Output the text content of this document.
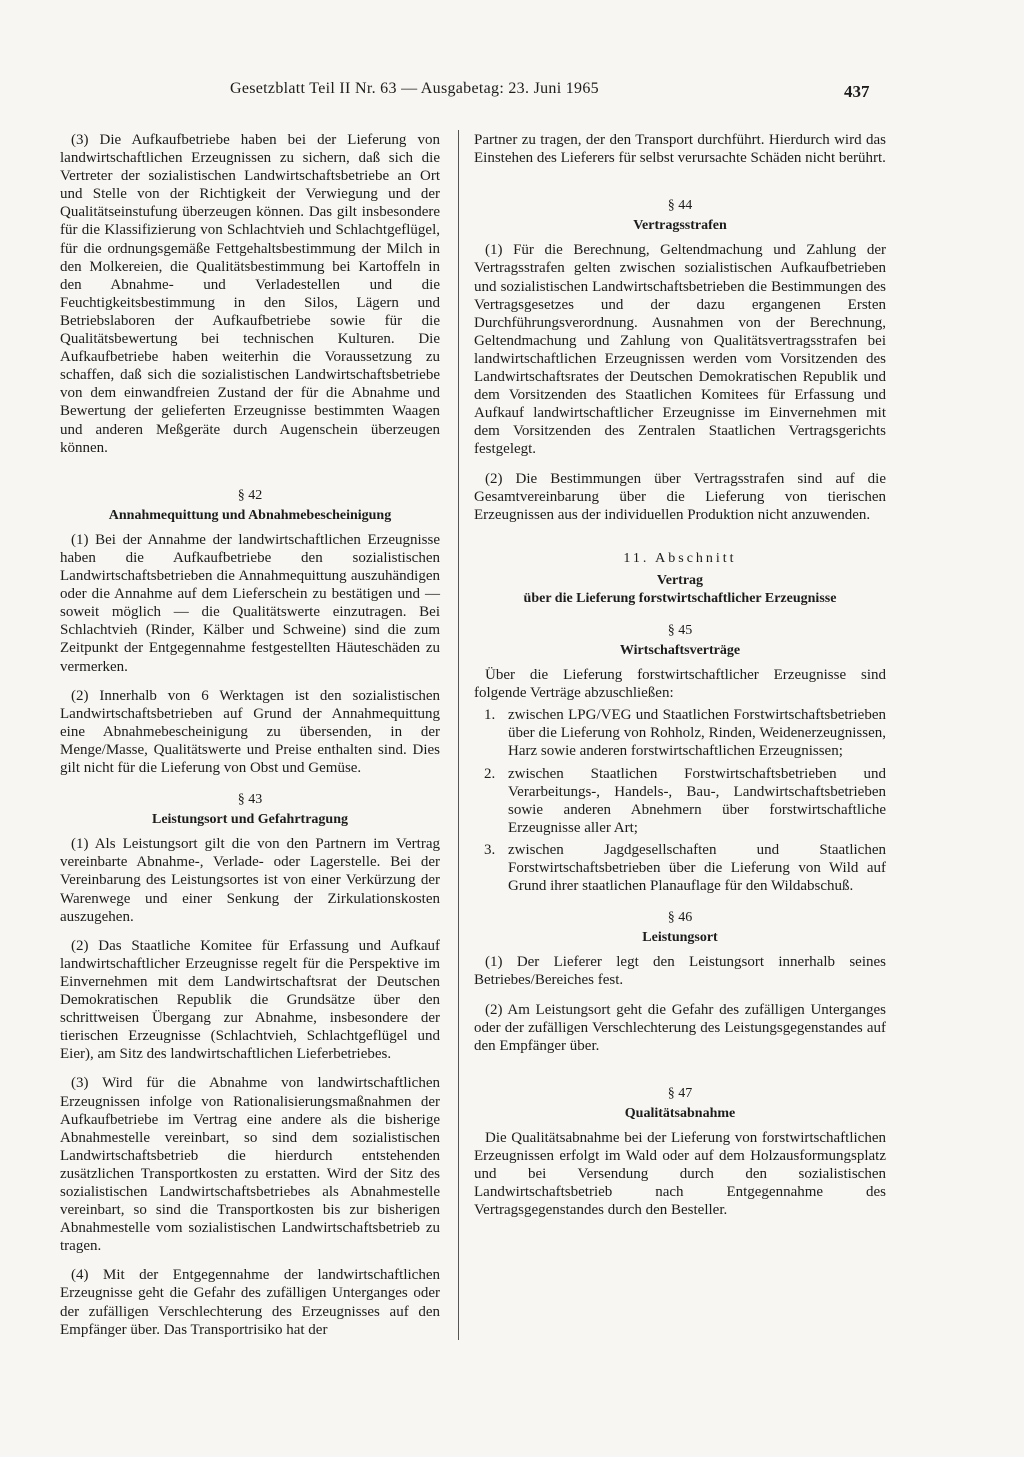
Gesetzblatt Teil II Nr. 63 — Ausgabetag: 23. Juni 1965	437

(3) Die Aufkaufbetriebe haben bei der Lieferung von landwirtschaftlichen Erzeugnissen zu sichern, daß sich die Vertreter der sozialistischen Landwirtschaftsbetriebe an Ort und Stelle von der Richtigkeit der Verwiegung und der Qualitätseinstufung überzeugen können. Das gilt insbesondere für die Klassifizierung von Schlachtvieh und Schlachtgeflügel, für die ordnungsgemäße Fettgehaltsbestimmung der Milch in den Molkereien, die Qualitätsbestimmung bei Kartoffeln in den Abnahme- und Verladestellen und die Feuchtigkeitsbestimmung in den Silos, Lägern und Betriebslaboren der Aufkaufbetriebe sowie für die Qualitätsbewertung bei technischen Kulturen. Die Aufkaufbetriebe haben weiterhin die Voraussetzung zu schaffen, daß sich die sozialistischen Landwirtschaftsbetriebe von dem einwandfreien Zustand der für die Abnahme und Bewertung der gelieferten Erzeugnisse bestimmten Waagen und anderen Meßgeräte durch Augenschein überzeugen können.

§ 42
Annahmequittung und Abnahmebescheinigung

(1) Bei der Annahme der landwirtschaftlichen Erzeugnisse haben die Aufkaufbetriebe den sozialistischen Landwirtschaftsbetrieben die Annahmequittung auszuhändigen oder die Annahme auf dem Lieferschein zu bestätigen und — soweit möglich — die Qualitätswerte einzutragen. Bei Schlachtvieh (Rinder, Kälber und Schweine) sind die zum Zeitpunkt der Entgegennahme festgestellten Häuteschäden zu vermerken.

(2) Innerhalb von 6 Werktagen ist den sozialistischen Landwirtschaftsbetrieben auf Grund der Annahmequittung eine Abnahmebescheinigung zu übersenden, in der Menge/Masse, Qualitätswerte und Preise enthalten sind. Dies gilt nicht für die Lieferung von Obst und Gemüse.

§ 43
Leistungsort und Gefahrtragung

(1) Als Leistungsort gilt die von den Partnern im Vertrag vereinbarte Abnahme-, Verlade- oder Lagerstelle. Bei der Vereinbarung des Leistungsortes ist von einer Verkürzung der Warenwege und einer Senkung der Zirkulationskosten auszugehen.

(2) Das Staatliche Komitee für Erfassung und Aufkauf landwirtschaftlicher Erzeugnisse regelt für die Perspektive im Einvernehmen mit dem Landwirtschaftsrat der Deutschen Demokratischen Republik die Grundsätze über den schrittweisen Übergang zur Abnahme, insbesondere der tierischen Erzeugnisse (Schlachtvieh, Schlachtgeflügel und Eier), am Sitz des landwirtschaftlichen Lieferbetriebes.

(3) Wird für die Abnahme von landwirtschaftlichen Erzeugnissen infolge von Rationalisierungsmaßnahmen der Aufkaufbetriebe im Vertrag eine andere als die bisherige Abnahmestelle vereinbart, so sind dem sozialistischen Landwirtschaftsbetrieb die hierdurch entstehenden zusätzlichen Transportkosten zu erstatten. Wird der Sitz des sozialistischen Landwirtschaftsbetriebes als Abnahmestelle vereinbart, so sind die Transportkosten bis zur bisherigen Abnahmestelle vom sozialistischen Landwirtschaftsbetrieb zu tragen.

(4) Mit der Entgegennahme der landwirtschaftlichen Erzeugnisse geht die Gefahr des zufälligen Unterganges oder der zufälligen Verschlechterung des Erzeugnisses auf den Empfänger über. Das Transportrisiko hat der

Partner zu tragen, der den Transport durchführt. Hierdurch wird das Einstehen des Lieferers für selbst verursachte Schäden nicht berührt.

§ 44
Vertragsstrafen

(1) Für die Berechnung, Geltendmachung und Zahlung der Vertragsstrafen gelten zwischen sozialistischen Aufkaufbetrieben und sozialistischen Landwirtschaftsbetrieben die Bestimmungen des Vertragsgesetzes und der dazu ergangenen Ersten Durchführungsverordnung. Ausnahmen von der Berechnung, Geltendmachung und Zahlung von Qualitätsvertragsstrafen bei landwirtschaftlichen Erzeugnissen werden vom Vorsitzenden des Landwirtschaftsrates der Deutschen Demokratischen Republik und dem Vorsitzenden des Staatlichen Komitees für Erfassung und Aufkauf landwirtschaftlicher Erzeugnisse im Einvernehmen mit dem Vorsitzenden des Zentralen Staatlichen Vertragsgerichts festgelegt.

(2) Die Bestimmungen über Vertragsstrafen sind auf die Gesamtvereinbarung über die Lieferung von tierischen Erzeugnissen aus der individuellen Produktion nicht anzuwenden.

11. Abschnitt
Vertrag
über die Lieferung forstwirtschaftlicher Erzeugnisse
§ 45
Wirtschaftsverträge

Über die Lieferung forstwirtschaftlicher Erzeugnisse sind folgende Verträge abzuschließen:

1. zwischen LPG/VEG und Staatlichen Forstwirtschaftsbetrieben über die Lieferung von Rohholz, Rinden, Weidenerzeugnissen, Harz sowie anderen forstwirtschaftlichen Erzeugnissen;
2. zwischen Staatlichen Forstwirtschaftsbetrieben und Verarbeitungs-, Handels-, Bau-, Landwirtschaftsbetrieben sowie anderen Abnehmern über forstwirtschaftliche Erzeugnisse aller Art;
3. zwischen Jagdgesellschaften und Staatlichen Forstwirtschaftsbetrieben über die Lieferung von Wild auf Grund ihrer staatlichen Planauflage für den Wildabschuß.
§ 46
Leistungsort

(1) Der Lieferer legt den Leistungsort innerhalb seines Betriebes/Bereiches fest.

(2) Am Leistungsort geht die Gefahr des zufälligen Unterganges oder der zufälligen Verschlechterung des Leistungsgegenstandes auf den Empfänger über.

§ 47
Qualitätsabnahme

Die Qualitätsabnahme bei der Lieferung von forstwirtschaftlichen Erzeugnissen erfolgt im Wald oder auf dem Holzausformungsplatz und bei Versendung durch den sozialistischen Landwirtschaftsbetrieb nach Entgegennahme des Vertragsgegenstandes durch den Besteller.
